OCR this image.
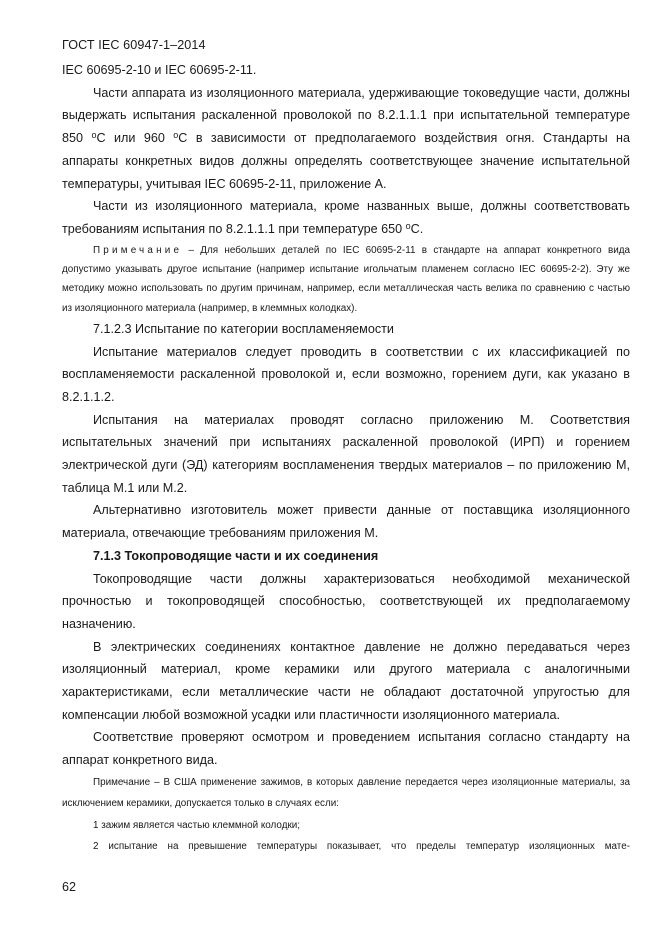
ГОСТ IEC 60947-1–2014

IEC 60695-2-10 и IEC 60695-2-11.

Части аппарата из изоляционного материала, удерживающие токоведущие части, должны выдержать испытания раскаленной проволокой по 8.2.1.1.1 при испытательной температуре 850 $^о$С или 960 $^о$С в зависимости от предполагаемого воздействия огня. Стандарты на аппараты конкретных видов должны определять соответствующее значение испытательной температуры, учитывая IEC 60695-2-11, приложение А.

Части из изоляционного материала, кроме названных выше, должны соответствовать требованиям испытания по 8.2.1.1.1 при температуре 650 $^о$С.

Примечание – Для небольших деталей по IEC 60695-2-11 в стандарте на аппарат конкретного вида допустимо указывать другое испытание (например испытание игольчатым пламенем согласно IEC 60695-2-2). Эту же методику можно использовать по другим причинам, например, если металлическая часть велика по сравнению с частью из изоляционного материала (например, в клеммных колодках).

7.1.2.3 Испытание по категории воспламеняемости

Испытание материалов следует проводить в соответствии с их классификацией по воспламеняемости раскаленной проволокой и, если возможно, горением дуги, как указано в 8.2.1.1.2.

Испытания на материалах проводят согласно приложению М. Соответствия испытательных значений при испытаниях раскаленной проволокой (ИРП) и горением электрической дуги (ЭД) категориям воспламенения твердых материалов – по приложению М, таблица М.1 или М.2.

Альтернативно изготовитель может привести данные от поставщика изоляционного материала, отвечающие требованиям приложения М.

7.1.3 Токопроводящие части и их соединения

Токопроводящие части должны характеризоваться необходимой механической прочностью и токопроводящей способностью, соответствующей их предполагаемому назначению.

В электрических соединениях контактное давление не должно передаваться через изоляционный материал, кроме керамики или другого материала с аналогичными характеристиками, если металлические части не обладают достаточной упругостью для компенсации любой возможной усадки или пластичности изоляционного материала.

Соответствие проверяют осмотром и проведением испытания согласно стандарту на аппарат конкретного вида.

Примечание – В США применение зажимов, в которых давление передается через изоляционные материалы, за исключением керамики, допускается только в случаях если:

1 зажим является частью клеммной колодки;

2 испытание на превышение температуры показывает, что пределы температур изоляционных мате-

62
